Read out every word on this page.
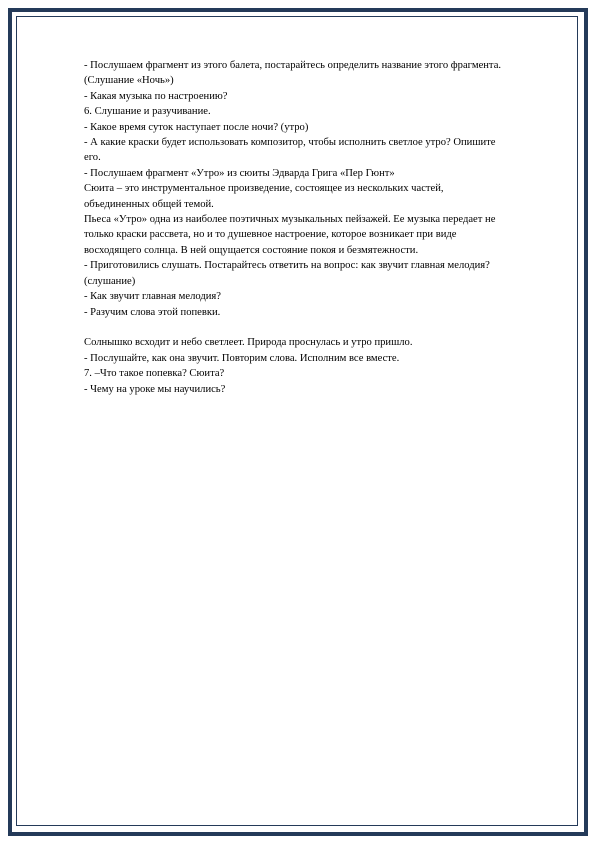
- Послушаем фрагмент из этого балета, постарайтесь определить название этого фрагмента.
(Слушание «Ночь»)
- Какая музыка по настроению?
6. Слушание и разучивание.
- Какое время суток наступает после ночи? (утро)
- А какие краски будет использовать композитор, чтобы исполнить светлое утро? Опишите
его.
- Послушаем фрагмент «Утро» из сюиты Эдварда Грига «Пер Гюнт»
Сюита – это инструментальное произведение, состоящее из нескольких частей,
объединенных общей темой.
Пьеса «Утро» одна из наиболее поэтичных музыкальных пейзажей. Ее музыка передает не
только краски рассвета, но и то душевное настроение, которое возникает при виде
восходящего солнца. В ней ощущается состояние покоя и безмятежности.
- Приготовились слушать. Постарайтесь ответить на вопрос: как звучит главная мелодия?
(слушание)
- Как звучит главная мелодия?
- Разучим слова этой попевки.
Солнышко всходит и небо светлеет. Природа проснулась и утро пришло.
- Послушайте, как она звучит. Повторим слова. Исполним все вместе.
7. –Что такое попевка? Сюита?
- Чему на уроке мы научились?
